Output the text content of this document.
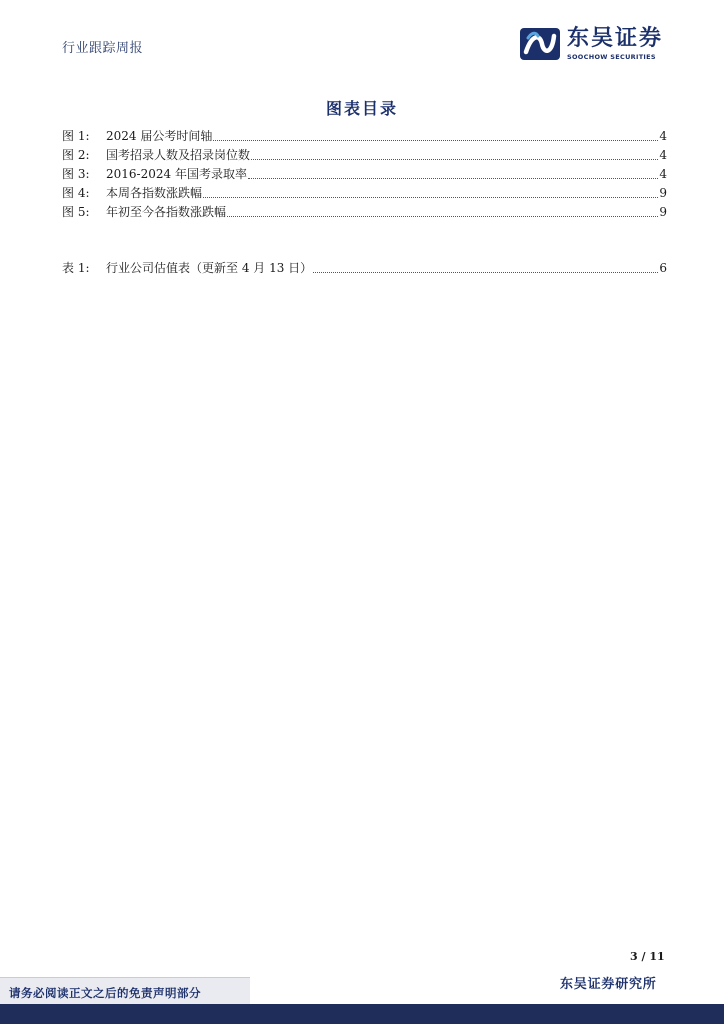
行业跟踪周报	东吴证券
SOOCHOW SECURITIES
图表目录
图 1:	2024 届公考时间轴	4
图 2:	国考招录人数及招录岗位数	4
图 3:	2016-2024 年国考录取率	4
图 4:	本周各指数涨跌幅	9
图 5:	年初至今各指数涨跌幅	9
表 1:	行业公司估值表（更新至 4 月 13 日）	6
3 / 11
请务必阅读正文之后的免责声明部分
东吴证券研究所
